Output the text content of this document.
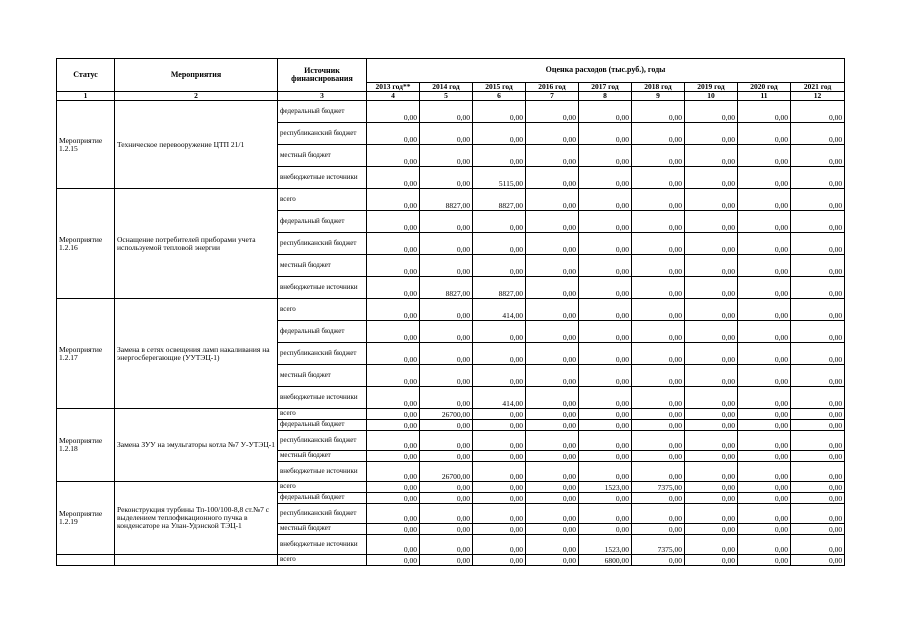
Статус	Мероприятия	Источник финансирования	Оценка расходов (тыс.руб.), годы								
			2013 год**	2014 год	2015 год	2016 год	2017 год	2018 год	2019 год	2020 год	2021 год
1	2	3	4	5	6	7	8	9	10	11	12
Мероприятие 1.2.15	Техническое перевооружение ЦТП 21/1	федеральный бюджет	0,00	0,00	0,00	0,00	0,00	0,00	0,00	0,00	0,00
		республиканский бюджет	0,00	0,00	0,00	0,00	0,00	0,00	0,00	0,00	0,00
		местный бюджет	0,00	0,00	0,00	0,00	0,00	0,00	0,00	0,00	0,00
		внебюджетные источники	0,00	0,00	5115,00	0,00	0,00	0,00	0,00	0,00	0,00
Мероприятие 1.2.16	Оснащение потребителей приборами учета используемой тепловой энергии	всего	0,00	8827,00	8827,00	0,00	0,00	0,00	0,00	0,00	0,00
		федеральный бюджет	0,00	0,00	0,00	0,00	0,00	0,00	0,00	0,00	0,00
		республиканский бюджет	0,00	0,00	0,00	0,00	0,00	0,00	0,00	0,00	0,00
		местный бюджет	0,00	0,00	0,00	0,00	0,00	0,00	0,00	0,00	0,00
		внебюджетные источники	0,00	8827,00	8827,00	0,00	0,00	0,00	0,00	0,00	0,00
Мероприятие 1.2.17	Замена в сетях освещения ламп накаливания на энергосберегающие (УУТЭЦ-1)	всего	0,00	0,00	414,00	0,00	0,00	0,00	0,00	0,00	0,00
		федеральный бюджет	0,00	0,00	0,00	0,00	0,00	0,00	0,00	0,00	0,00
		республиканский бюджет	0,00	0,00	0,00	0,00	0,00	0,00	0,00	0,00	0,00
		местный бюджет	0,00	0,00	0,00	0,00	0,00	0,00	0,00	0,00	0,00
		внебюджетные источники	0,00	0,00	414,00	0,00	0,00	0,00	0,00	0,00	0,00
Мероприятие 1.2.18	Замена ЗУУ на эмульгаторы котла №7 У-УТЭЦ-1	всего	0,00	26700,00	0,00	0,00	0,00	0,00	0,00	0,00	0,00
		федеральный бюджет	0,00	0,00	0,00	0,00	0,00	0,00	0,00	0,00	0,00
		республиканский бюджет	0,00	0,00	0,00	0,00	0,00	0,00	0,00	0,00	0,00
		местный бюджет	0,00	0,00	0,00	0,00	0,00	0,00	0,00	0,00	0,00
		внебюджетные источники	0,00	26700,00	0,00	0,00	0,00	0,00	0,00	0,00	0,00
Мероприятие 1.2.19	Реконструкция турбины Тп-100/100-8,8 ст.№7 с выделением теплофикационного пучка в конденсаторе на Улан-Удэнской ТЭЦ-1	всего	0,00	0,00	0,00	0,00	1523,00	7375,00	0,00	0,00	0,00
		федеральный бюджет	0,00	0,00	0,00	0,00	0,00	0,00	0,00	0,00	0,00
		республиканский бюджет	0,00	0,00	0,00	0,00	0,00	0,00	0,00	0,00	0,00
		местный бюджет	0,00	0,00	0,00	0,00	0,00	0,00	0,00	0,00	0,00
		внебюджетные источники	0,00	0,00	0,00	0,00	1523,00	7375,00	0,00	0,00	0,00
		всего	0,00	0,00	0,00	0,00	6800,00	0,00	0,00	0,00	0,00
